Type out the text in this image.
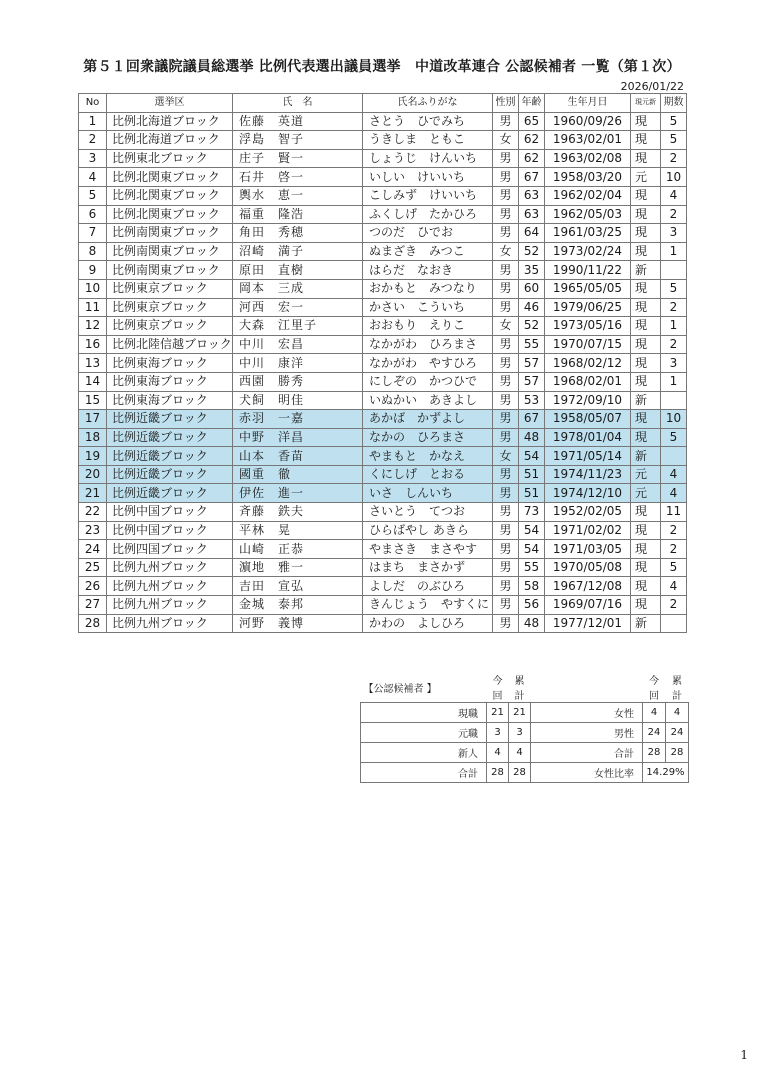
第５１回衆議院議員総選挙 比例代表選出議員選挙　中道改革連合 公認候補者 一覧（第１次）
2026/01/22
No	選挙区	氏　名	氏名ふりがな	性別	年齢	生年月日	現元新	期数
1	比例北海道ブロック	佐藤　英道	さとう　ひでみち	男	65	1960/09/26	現	5
2	比例北海道ブロック	浮島　智子	うきしま　ともこ	女	62	1963/02/01	現	5
3	比例東北ブロック	庄子　賢一	しょうじ　けんいち	男	62	1963/02/08	現	2
4	比例北関東ブロック	石井　啓一	いしい　けいいち	男	67	1958/03/20	元	10
5	比例北関東ブロック	輿水　恵一	こしみず　けいいち	男	63	1962/02/04	現	4
6	比例北関東ブロック	福重　隆浩	ふくしげ　たかひろ	男	63	1962/05/03	現	2
7	比例南関東ブロック	角田　秀穂	つのだ　ひでお	男	64	1961/03/25	現	3
8	比例南関東ブロック	沼崎　満子	ぬまざき　みつこ	女	52	1973/02/24	現	1
9	比例南関東ブロック	原田　直樹	はらだ　なおき	男	35	1990/11/22	新	
10	比例東京ブロック	岡本　三成	おかもと　みつなり	男	60	1965/05/05	現	5
11	比例東京ブロック	河西　宏一	かさい　こういち	男	46	1979/06/25	現	2
12	比例東京ブロック	大森　江里子	おおもり　えりこ	女	52	1973/05/16	現	1
16	比例北陸信越ブロック	中川　宏昌	なかがわ　ひろまさ	男	55	1970/07/15	現	2
13	比例東海ブロック	中川　康洋	なかがわ　やすひろ	男	57	1968/02/12	現	3
14	比例東海ブロック	西園　勝秀	にしぞの　かつひで	男	57	1968/02/01	現	1
15	比例東海ブロック	犬飼　明佳	いぬかい　あきよし	男	53	1972/09/10	新	
17	比例近畿ブロック	赤羽　一嘉	あかば　かずよし	男	67	1958/05/07	現	10
18	比例近畿ブロック	中野　洋昌	なかの　ひろまさ	男	48	1978/01/04	現	5
19	比例近畿ブロック	山本　香苗	やまもと　かなえ	女	54	1971/05/14	新	
20	比例近畿ブロック	國重　徹	くにしげ　とおる	男	51	1974/11/23	元	4
21	比例近畿ブロック	伊佐　進一	いさ　しんいち	男	51	1974/12/10	元	4
22	比例中国ブロック	斉藤　鉄夫	さいとう　てつお	男	73	1952/02/05	現	11
23	比例中国ブロック	平林　晃	ひらばやし あきら	男	54	1971/02/02	現	2
24	比例四国ブロック	山崎　正恭	やまさき　まさやす	男	54	1971/03/05	現	2
25	比例九州ブロック	濵地　雅一	はまち　まさかず	男	55	1970/05/08	現	5
26	比例九州ブロック	吉田　宣弘	よしだ　のぶひろ	男	58	1967/12/08	現	4
27	比例九州ブロック	金城　泰邦	きんじょう　やすくに	男	56	1969/07/16	現	2
28	比例九州ブロック	河野　義博	かわの　よしひろ	男	48	1977/12/01	新	
【公認候補者 】	今回	累計		今回	累計
現職	21	21	女性	4	4
元職	3	3	男性	24	24
新人	4	4	合計	28	28
合計	28	28	女性比率	14.29%	
1
